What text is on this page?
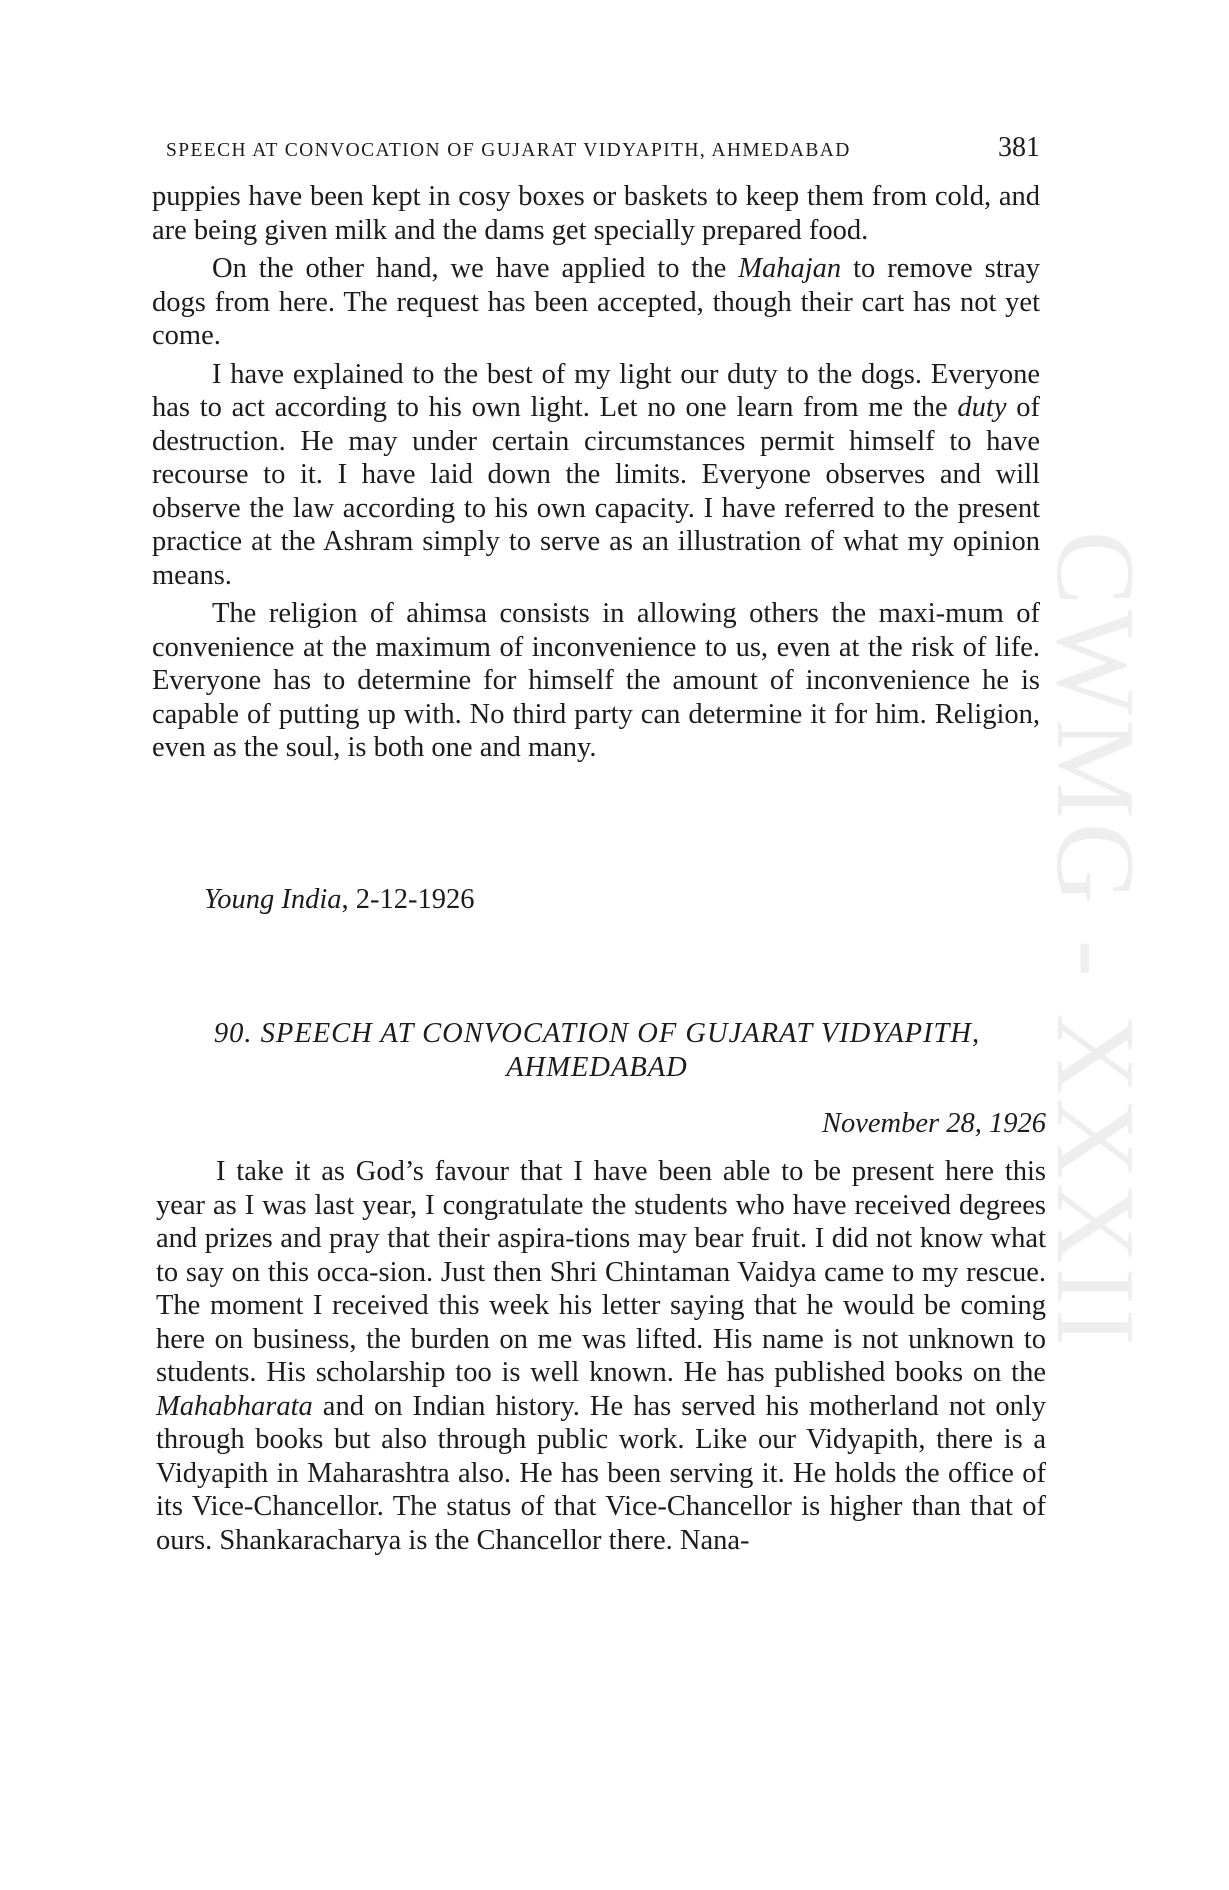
CWMG - XXXII
SPEECH AT CONVOCATION OF GUJARAT VIDYAPITH, AHMEDABAD	381

puppies have been kept in cosy boxes or baskets to keep them from cold, and are being given milk and the dams get specially prepared food.

On the other hand, we have applied to the Mahajan to remove stray dogs from here. The request has been accepted, though their cart has not yet come.

I have explained to the best of my light our duty to the dogs. Everyone has to act according to his own light. Let no one learn from me the duty of destruction. He may under certain circumstances permit himself to have recourse to it. I have laid down the limits. Everyone observes and will observe the law according to his own capacity. I have referred to the present practice at the Ashram simply to serve as an illustration of what my opinion means.

The religion of ahimsa consists in allowing others the maxi-mum of convenience at the maximum of inconvenience to us, even at the risk of life. Everyone has to determine for himself the amount of inconvenience he is capable of putting up with. No third party can determine it for him. Religion, even as the soul, is both one and many.

Young India, 2-12-1926
90. SPEECH AT CONVOCATION OF GUJARAT VIDYAPITH,
AHMEDABAD
November 28, 1926

I take it as God’s favour that I have been able to be present here this year as I was last year, I congratulate the students who have received degrees and prizes and pray that their aspira-tions may bear fruit. I did not know what to say on this occa-sion. Just then Shri Chintaman Vaidya came to my rescue. The moment I received this week his letter saying that he would be coming here on business, the burden on me was lifted. His name is not unknown to students. His scholarship too is well known. He has published books on the Mahabharata and on Indian history. He has served his motherland not only through books but also through public work. Like our Vidyapith, there is a Vidyapith in Maharashtra also. He has been serving it. He holds the office of its Vice-Chancellor. The status of that Vice-Chancellor is higher than that of ours. Shankaracharya is the Chancellor there. Nana-
